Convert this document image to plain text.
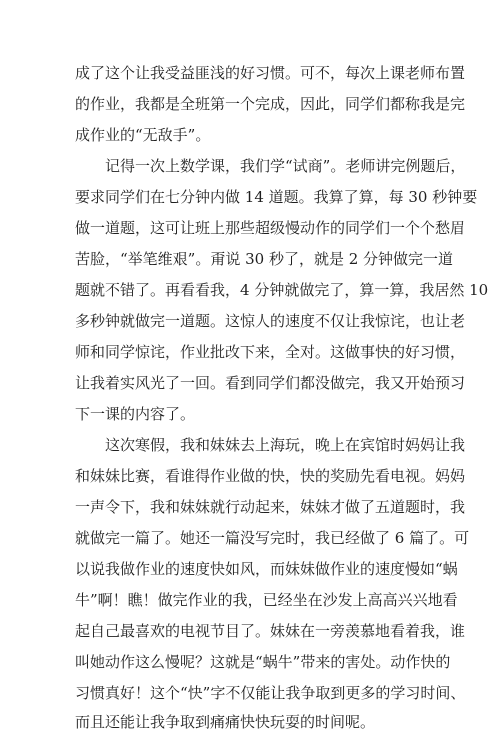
成了这个让我受益匪浅的好习惯。可不，每次上课老师布置
的作业，我都是全班第一个完成，因此，同学们都称我是完
成作业的“无敌手”。
记得一次上数学课，我们学“试商”。老师讲完例题后，
要求同学们在七分钟内做 14 道题。我算了算，每 30 秒钟要
做一道题，这可让班上那些超级慢动作的同学们一个个愁眉
苦脸，“举笔维艰”。甭说 30 秒了，就是 2 分钟做完一道
题就不错了。再看看我，4 分钟就做完了，算一算，我居然 10
多秒钟就做完一道题。这惊人的速度不仅让我惊诧，也让老
师和同学惊诧，作业批改下来，全对。这做事快的好习惯，
让我着实风光了一回。看到同学们都没做完，我又开始预习
下一课的内容了。
这次寒假，我和妹妹去上海玩，晚上在宾馆时妈妈让我
和妹妹比赛，看谁得作业做的快，快的奖励先看电视。妈妈
一声令下，我和妹妹就行动起来，妹妹才做了五道题时，我
就做完一篇了。她还一篇没写完时，我已经做了 6 篇了。可
以说我做作业的速度快如风，而妹妹做作业的速度慢如“蜗
牛”啊！瞧！做完作业的我，已经坐在沙发上高高兴兴地看
起自己最喜欢的电视节目了。妹妹在一旁羡慕地看着我，谁
叫她动作这么慢呢？这就是“蜗牛”带来的害处。动作快的
习惯真好！这个“快”字不仅能让我争取到更多的学习时间、
而且还能让我争取到痛痛快快玩耍的时间呢。
